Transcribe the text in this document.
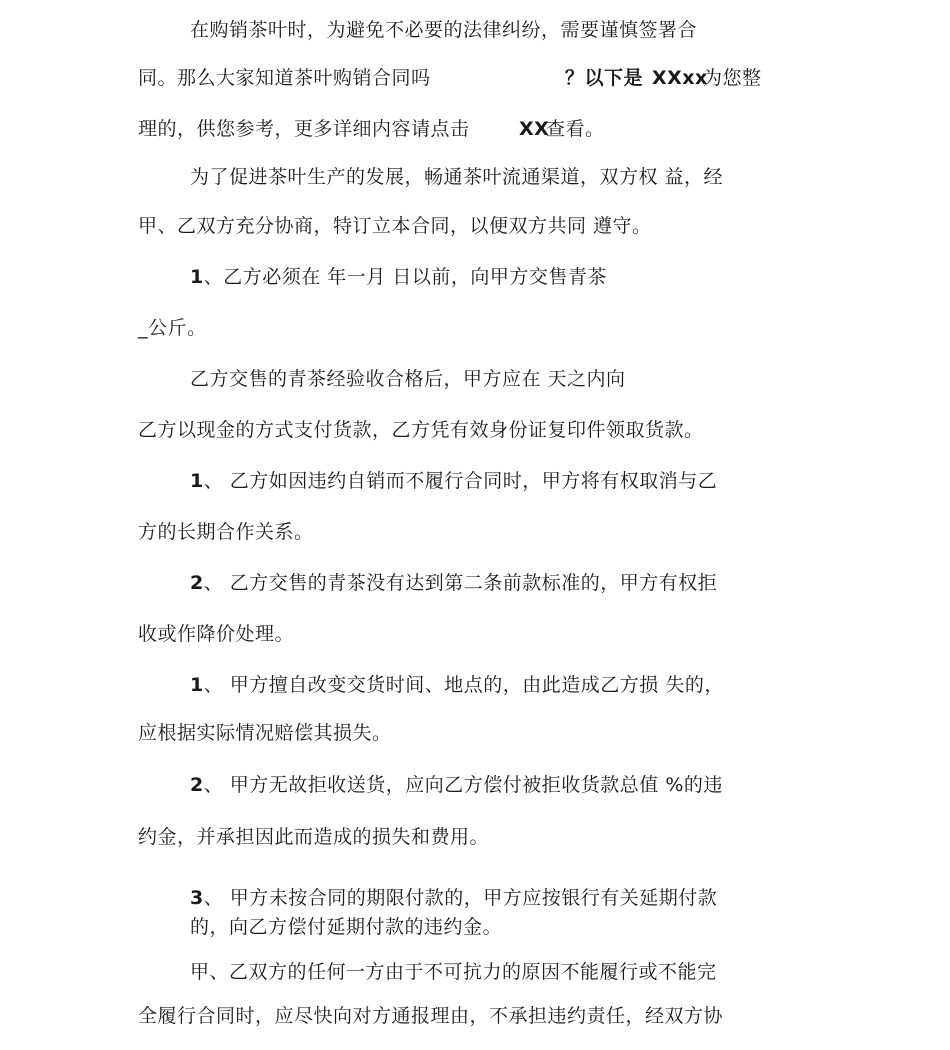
在购销茶叶时，为避免不必要的法律纠纷，需要谨慎签署合
同。那么大家知道茶叶购销合同吗	？以下是 XXxx
为您整
理的，供您参考，更多详细内容请点击	XX
查看。
为了促进茶叶生产的发展，畅通茶叶流通渠道，双方权 益，经
甲、乙双方充分协商，特订立本合同，以便双方共同 遵守。
1、乙方必须在 年一月 日以前，向甲方交售青茶
_公斤。
乙方交售的青茶经验收合格后，甲方应在 天之内向
乙方以现金的方式支付货款，乙方凭有效身份证复印件领取货款。
1、 乙方如因违约自销而不履行合同时，甲方将有权取消与乙
方的长期合作关系。
2、 乙方交售的青茶没有达到第二条前款标准的，甲方有权拒
收或作降价处理。
1、 甲方擅自改变交货时间、地点的，由此造成乙方损 失的，
应根据实际情况赔偿其损失。
2、 甲方无故拒收送货，应向乙方偿付被拒收货款总值 %的违
约金，并承担因此而造成的损失和费用。
3、 甲方未按合同的期限付款的，甲方应按银行有关延期付款
的，向乙方偿付延期付款的违约金。
甲、乙双方的任何一方由于不可抗力的原因不能履行或不能完
全履行合同时，应尽快向对方通报理由，不承担违约责任，经双方协
